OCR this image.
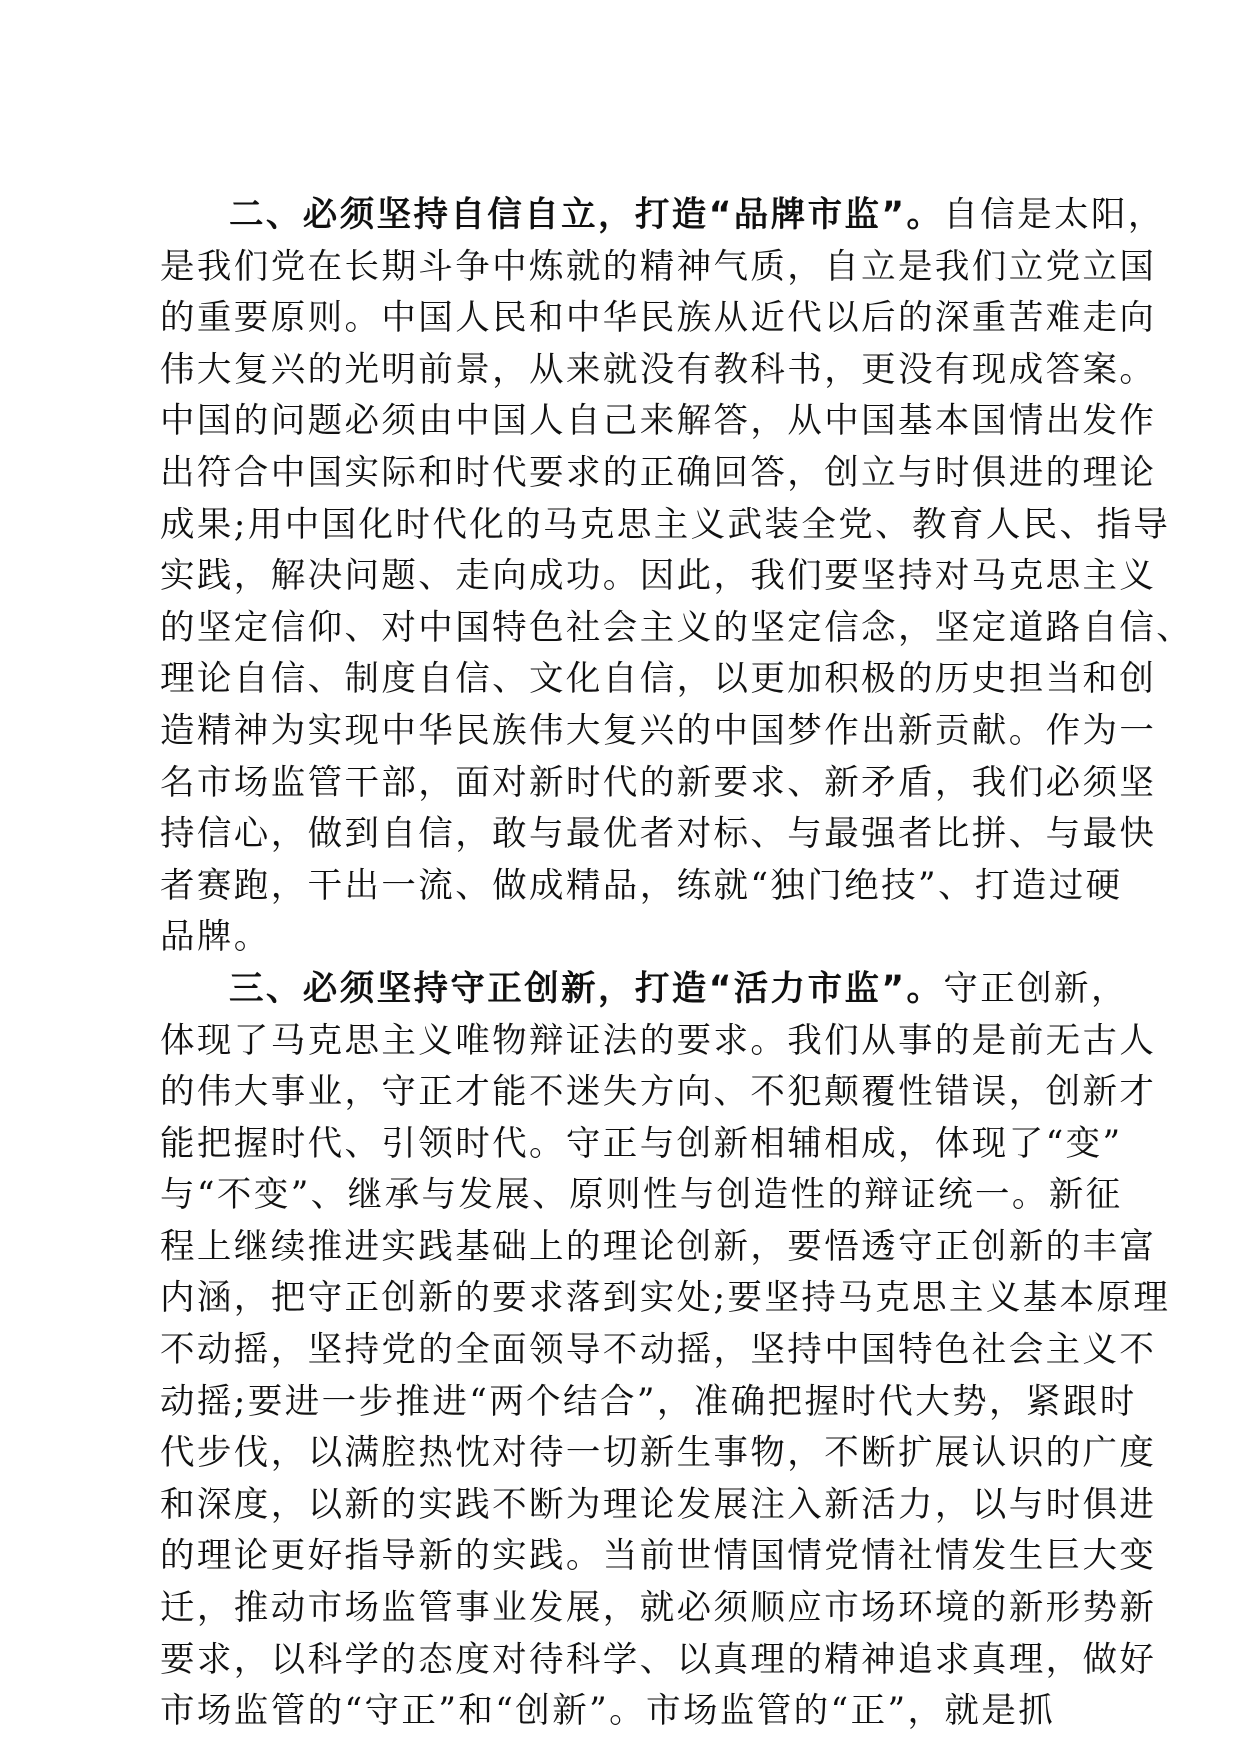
二、必须坚持自信自立，打造“品牌市监”。自信是太阳，
是我们党在长期斗争中炼就的精神气质，自立是我们立党立国
的重要原则。中国人民和中华民族从近代以后的深重苦难走向
伟大复兴的光明前景，从来就没有教科书，更没有现成答案。
中国的问题必须由中国人自己来解答，从中国基本国情出发作
出符合中国实际和时代要求的正确回答，创立与时俱进的理论
成果;用中国化时代化的马克思主义武装全党、教育人民、指导
实践，解决问题、走向成功。因此，我们要坚持对马克思主义
的坚定信仰、对中国特色社会主义的坚定信念，坚定道路自信、
理论自信、制度自信、文化自信，以更加积极的历史担当和创
造精神为实现中华民族伟大复兴的中国梦作出新贡献。作为一
名市场监管干部，面对新时代的新要求、新矛盾，我们必须坚
持信心，做到自信，敢与最优者对标、与最强者比拼、与最快
者赛跑，干出一流、做成精品，练就“独门绝技”、打造过硬
品牌。
三、必须坚持守正创新，打造“活力市监”。守正创新，
体现了马克思主义唯物辩证法的要求。我们从事的是前无古人
的伟大事业，守正才能不迷失方向、不犯颠覆性错误，创新才
能把握时代、引领时代。守正与创新相辅相成，体现了“变”
与“不变”、继承与发展、原则性与创造性的辩证统一。新征
程上继续推进实践基础上的理论创新，要悟透守正创新的丰富
内涵，把守正创新的要求落到实处;要坚持马克思主义基本原理
不动摇，坚持党的全面领导不动摇，坚持中国特色社会主义不
动摇;要进一步推进“两个结合”，准确把握时代大势，紧跟时
代步伐，以满腔热忱对待一切新生事物，不断扩展认识的广度
和深度，以新的实践不断为理论发展注入新活力，以与时俱进
的理论更好指导新的实践。当前世情国情党情社情发生巨大变
迁，推动市场监管事业发展，就必须顺应市场环境的新形势新
要求，以科学的态度对待科学、以真理的精神追求真理，做好
市场监管的“守正”和“创新”。市场监管的“正”，就是抓
